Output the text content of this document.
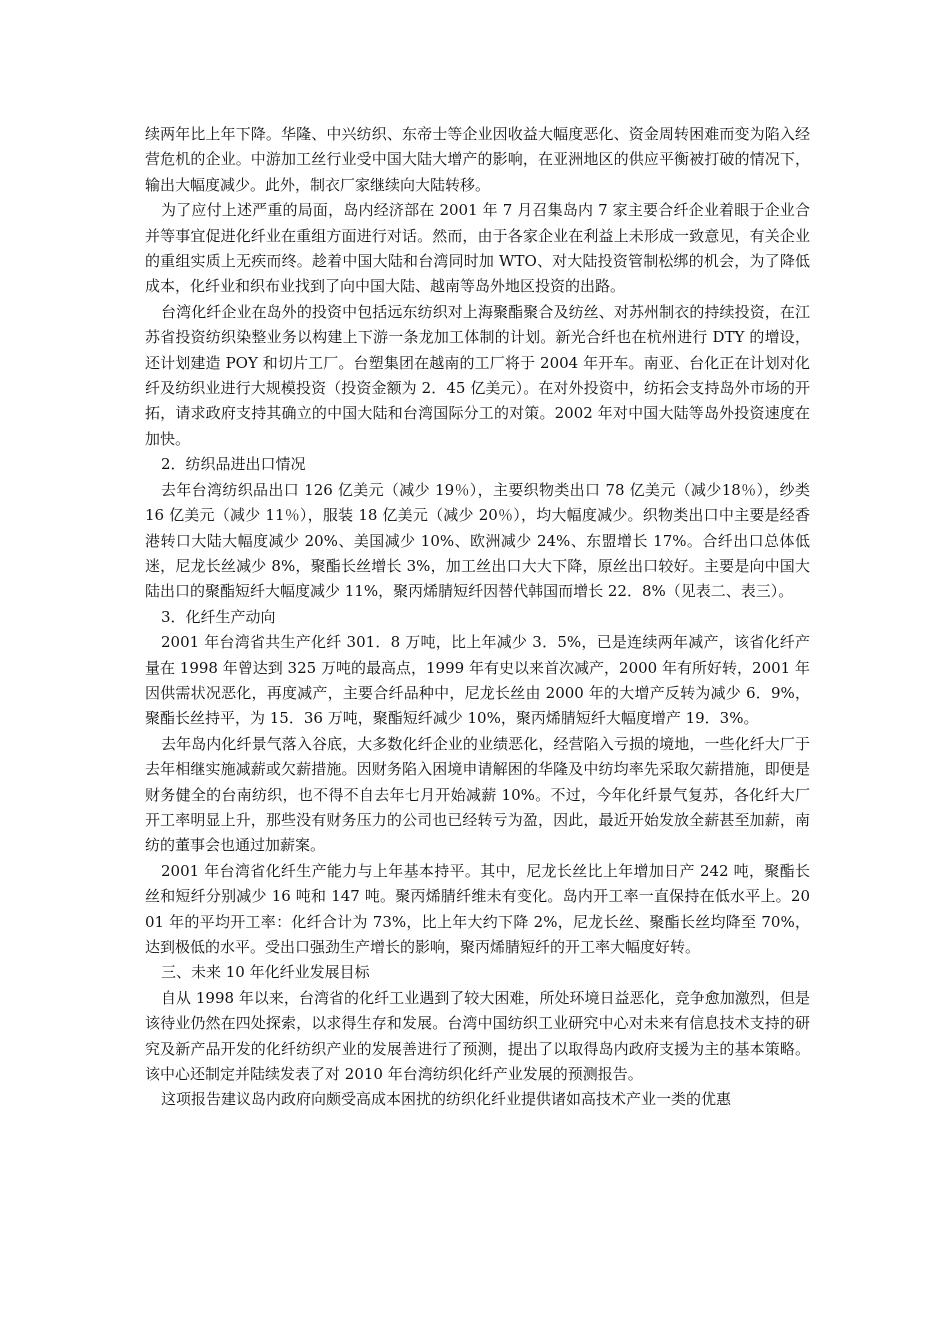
续两年比上年下降。华隆、中兴纺织、东帝士等企业因收益大幅度恶化、资金周转困难而变为陷入经营危机的企业。中游加工丝行业受中国大陆大增产的影响，在亚洲地区的供应平衡被打破的情况下，输出大幅度减少。此外，制衣厂家继续向大陆转移。

为了应付上述严重的局面，岛内经济部在 2001 年 7 月召集岛内 7 家主要合纤企业着眼于企业合并等事宜促进化纤业在重组方面进行对话。然而，由于各家企业在利益上未形成一致意见，有关企业的重组实质上无疾而终。趁着中国大陆和台湾同时加 WTO、对大陆投资管制松绑的机会，为了降低成本，化纤业和织布业找到了向中国大陆、越南等岛外地区投资的出路。

台湾化纤企业在岛外的投资中包括远东纺织对上海聚酯聚合及纺丝、对苏州制衣的持续投资，在江苏省投资纺织染整业务以构建上下游一条龙加工体制的计划。新光合纤也在杭州进行 DTY 的增设，还计划建造 POY 和切片工厂。台塑集团在越南的工厂将于 2004 年开车。南亚、台化正在计划对化纤及纺织业进行大规模投资（投资金额为 2．45 亿美元）。在对外投资中，纺拓会支持岛外市场的开拓，请求政府支持其确立的中国大陆和台湾国际分工的对策。2002 年对中国大陆等岛外投资速度在加快。

2．纺织品进出口情况

去年台湾纺织品出口 126 亿美元（减少 19％），主要织物类出口 78 亿美元（减少18％），纱类 16 亿美元（减少 11％），服装 18 亿美元（减少 20％），均大幅度减少。织物类出口中主要是经香港转口大陆大幅度减少 20%、美国减少 10%、欧洲减少 24%、东盟增长 17%。合纤出口总体低迷，尼龙长丝减少 8%，聚酯长丝增长 3%，加工丝出口大大下降，原丝出口较好。主要是向中国大陆出口的聚酯短纤大幅度减少 11%，聚丙烯腈短纤因替代韩国而增长 22．8%（见表二、表三）。

3．化纤生产动向

2001 年台湾省共生产化纤 301．8 万吨，比上年减少 3．5%，已是连续两年减产，该省化纤产量在 1998 年曾达到 325 万吨的最高点，1999 年有史以来首次减产，2000 年有所好转，2001 年因供需状况恶化，再度减产，主要合纤品种中，尼龙长丝由 2000 年的大增产反转为减少 6．9%，聚酯长丝持平，为 15．36 万吨，聚酯短纤减少 10%，聚丙烯腈短纤大幅度增产 19．3%。

去年岛内化纤景气落入谷底，大多数化纤企业的业绩恶化，经营陷入亏损的境地，一些化纤大厂于去年相继实施减薪或欠薪措施。因财务陷入困境申请解困的华隆及中纺均率先采取欠薪措施，即便是财务健全的台南纺织，也不得不自去年七月开始减薪 10%。不过，今年化纤景气复苏，各化纤大厂开工率明显上升，那些没有财务压力的公司也已经转亏为盈，因此，最近开始发放全薪甚至加薪，南纺的董事会也通过加薪案。

2001 年台湾省化纤生产能力与上年基本持平。其中，尼龙长丝比上年增加日产 242 吨，聚酯长丝和短纤分别减少 16 吨和 147 吨。聚丙烯腈纤维未有变化。岛内开工率一直保持在低水平上。2001 年的平均开工率：化纤合计为 73%，比上年大约下降 2%，尼龙长丝、聚酯长丝均降至 70%，达到极低的水平。受出口强劲生产增长的影响，聚丙烯腈短纤的开工率大幅度好转。

三、未来 10 年化纤业发展目标

自从 1998 年以来，台湾省的化纤工业遇到了较大困难，所处环境日益恶化，竞争愈加激烈，但是该待业仍然在四处探索，以求得生存和发展。台湾中国纺织工业研究中心对未来有信息技术支持的研究及新产品开发的化纤纺织产业的发展善进行了预测，提出了以取得岛内政府支援为主的基本策略。该中心还制定并陆续发表了对 2010 年台湾纺织化纤产业发展的预测报告。

这项报告建议岛内政府向颇受高成本困扰的纺织化纤业提供诸如高技术产业一类的优惠
